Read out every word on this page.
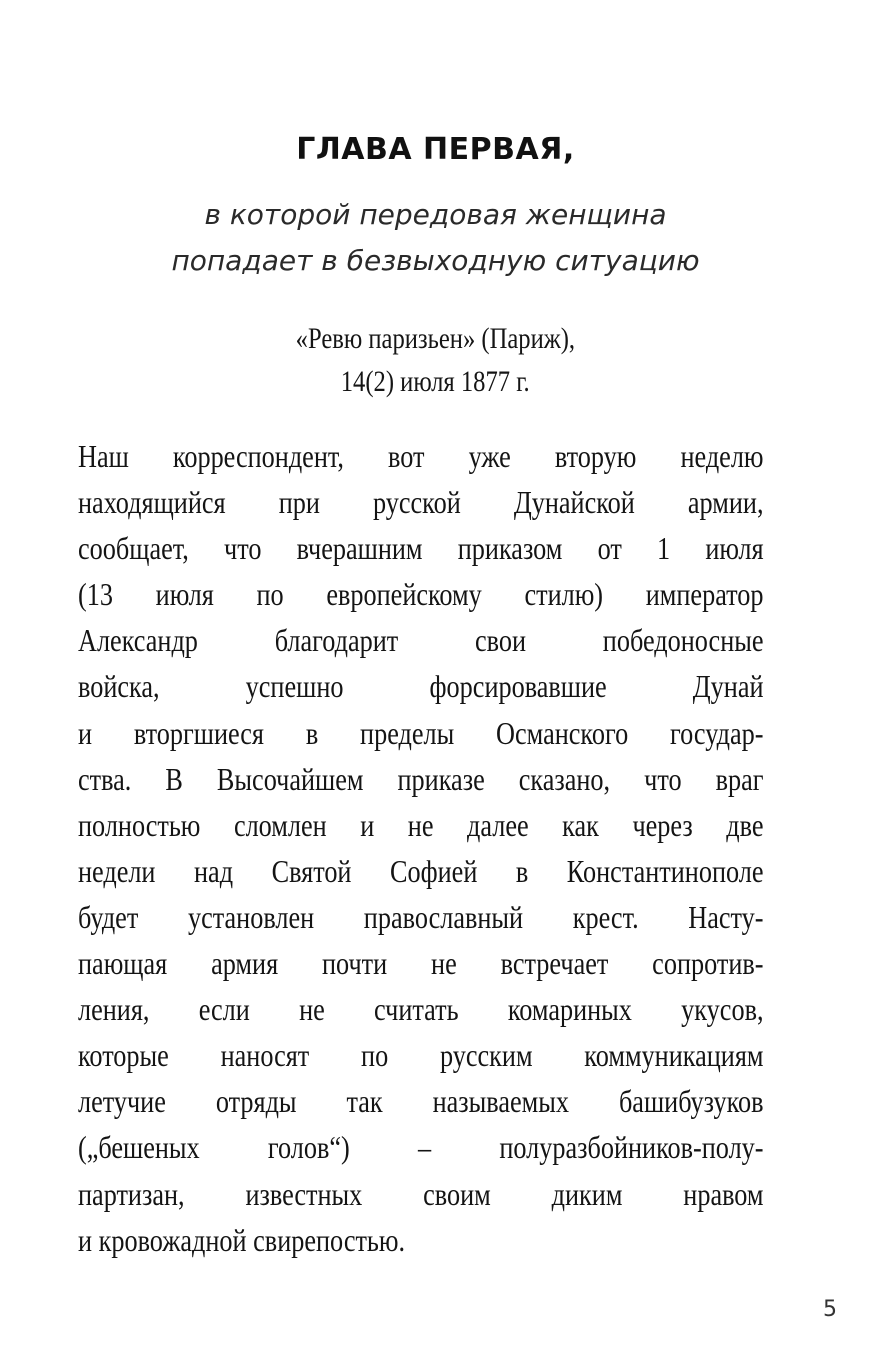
ГЛАВА ПЕРВАЯ,
в которой передовая женщина
попадает в безвыходную ситуацию
«Ревю паризьен» (Париж),
14(2) июля 1877 г.
Наш корреспондент, вот уже вторую неделю
находящийся при русской Дунайской армии,
сообщает, что вчерашним приказом от 1 июля
(13 июля по европейскому стилю) император
Александр благодарит свои победоносные
войска, успешно форсировавшие Дунай
и вторгшиеся в пределы Османского государ-
ства. В Высочайшем приказе сказано, что враг
полностью сломлен и не далее как через две
недели над Святой Софией в Константинополе
будет установлен православный крест. Насту-
пающая армия почти не встречает сопротив-
ления, если не считать комариных укусов,
которые наносят по русским коммуникациям
летучие отряды так называемых башибузуков
(„бешеных голов“) – полуразбойников-полу-
партизан, известных своим диким нравом
и кровожадной свирепостью.
5
